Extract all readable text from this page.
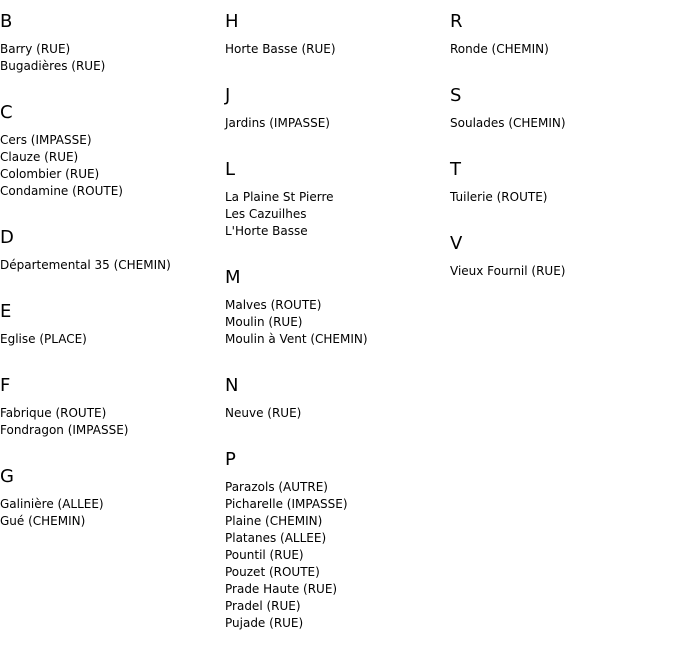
B
Barry (RUE)
Bugadières (RUE)
C
Cers (IMPASSE)
Clauze (RUE)
Colombier (RUE)
Condamine (ROUTE)
D
Départemental 35 (CHEMIN)
E
Eglise (PLACE)
F
Fabrique (ROUTE)
Fondragon (IMPASSE)
G
Galinière (ALLEE)
Gué (CHEMIN)
H
Horte Basse (RUE)
J
Jardins (IMPASSE)
L
La Plaine St Pierre
Les Cazuilhes
L'Horte Basse
M
Malves (ROUTE)
Moulin (RUE)
Moulin à Vent (CHEMIN)
N
Neuve (RUE)
P
Parazols (AUTRE)
Picharelle (IMPASSE)
Plaine (CHEMIN)
Platanes (ALLEE)
Pountil (RUE)
Pouzet (ROUTE)
Prade Haute (RUE)
Pradel (RUE)
Pujade (RUE)
R
Ronde (CHEMIN)
S
Soulades (CHEMIN)
T
Tuilerie (ROUTE)
V
Vieux Fournil (RUE)
